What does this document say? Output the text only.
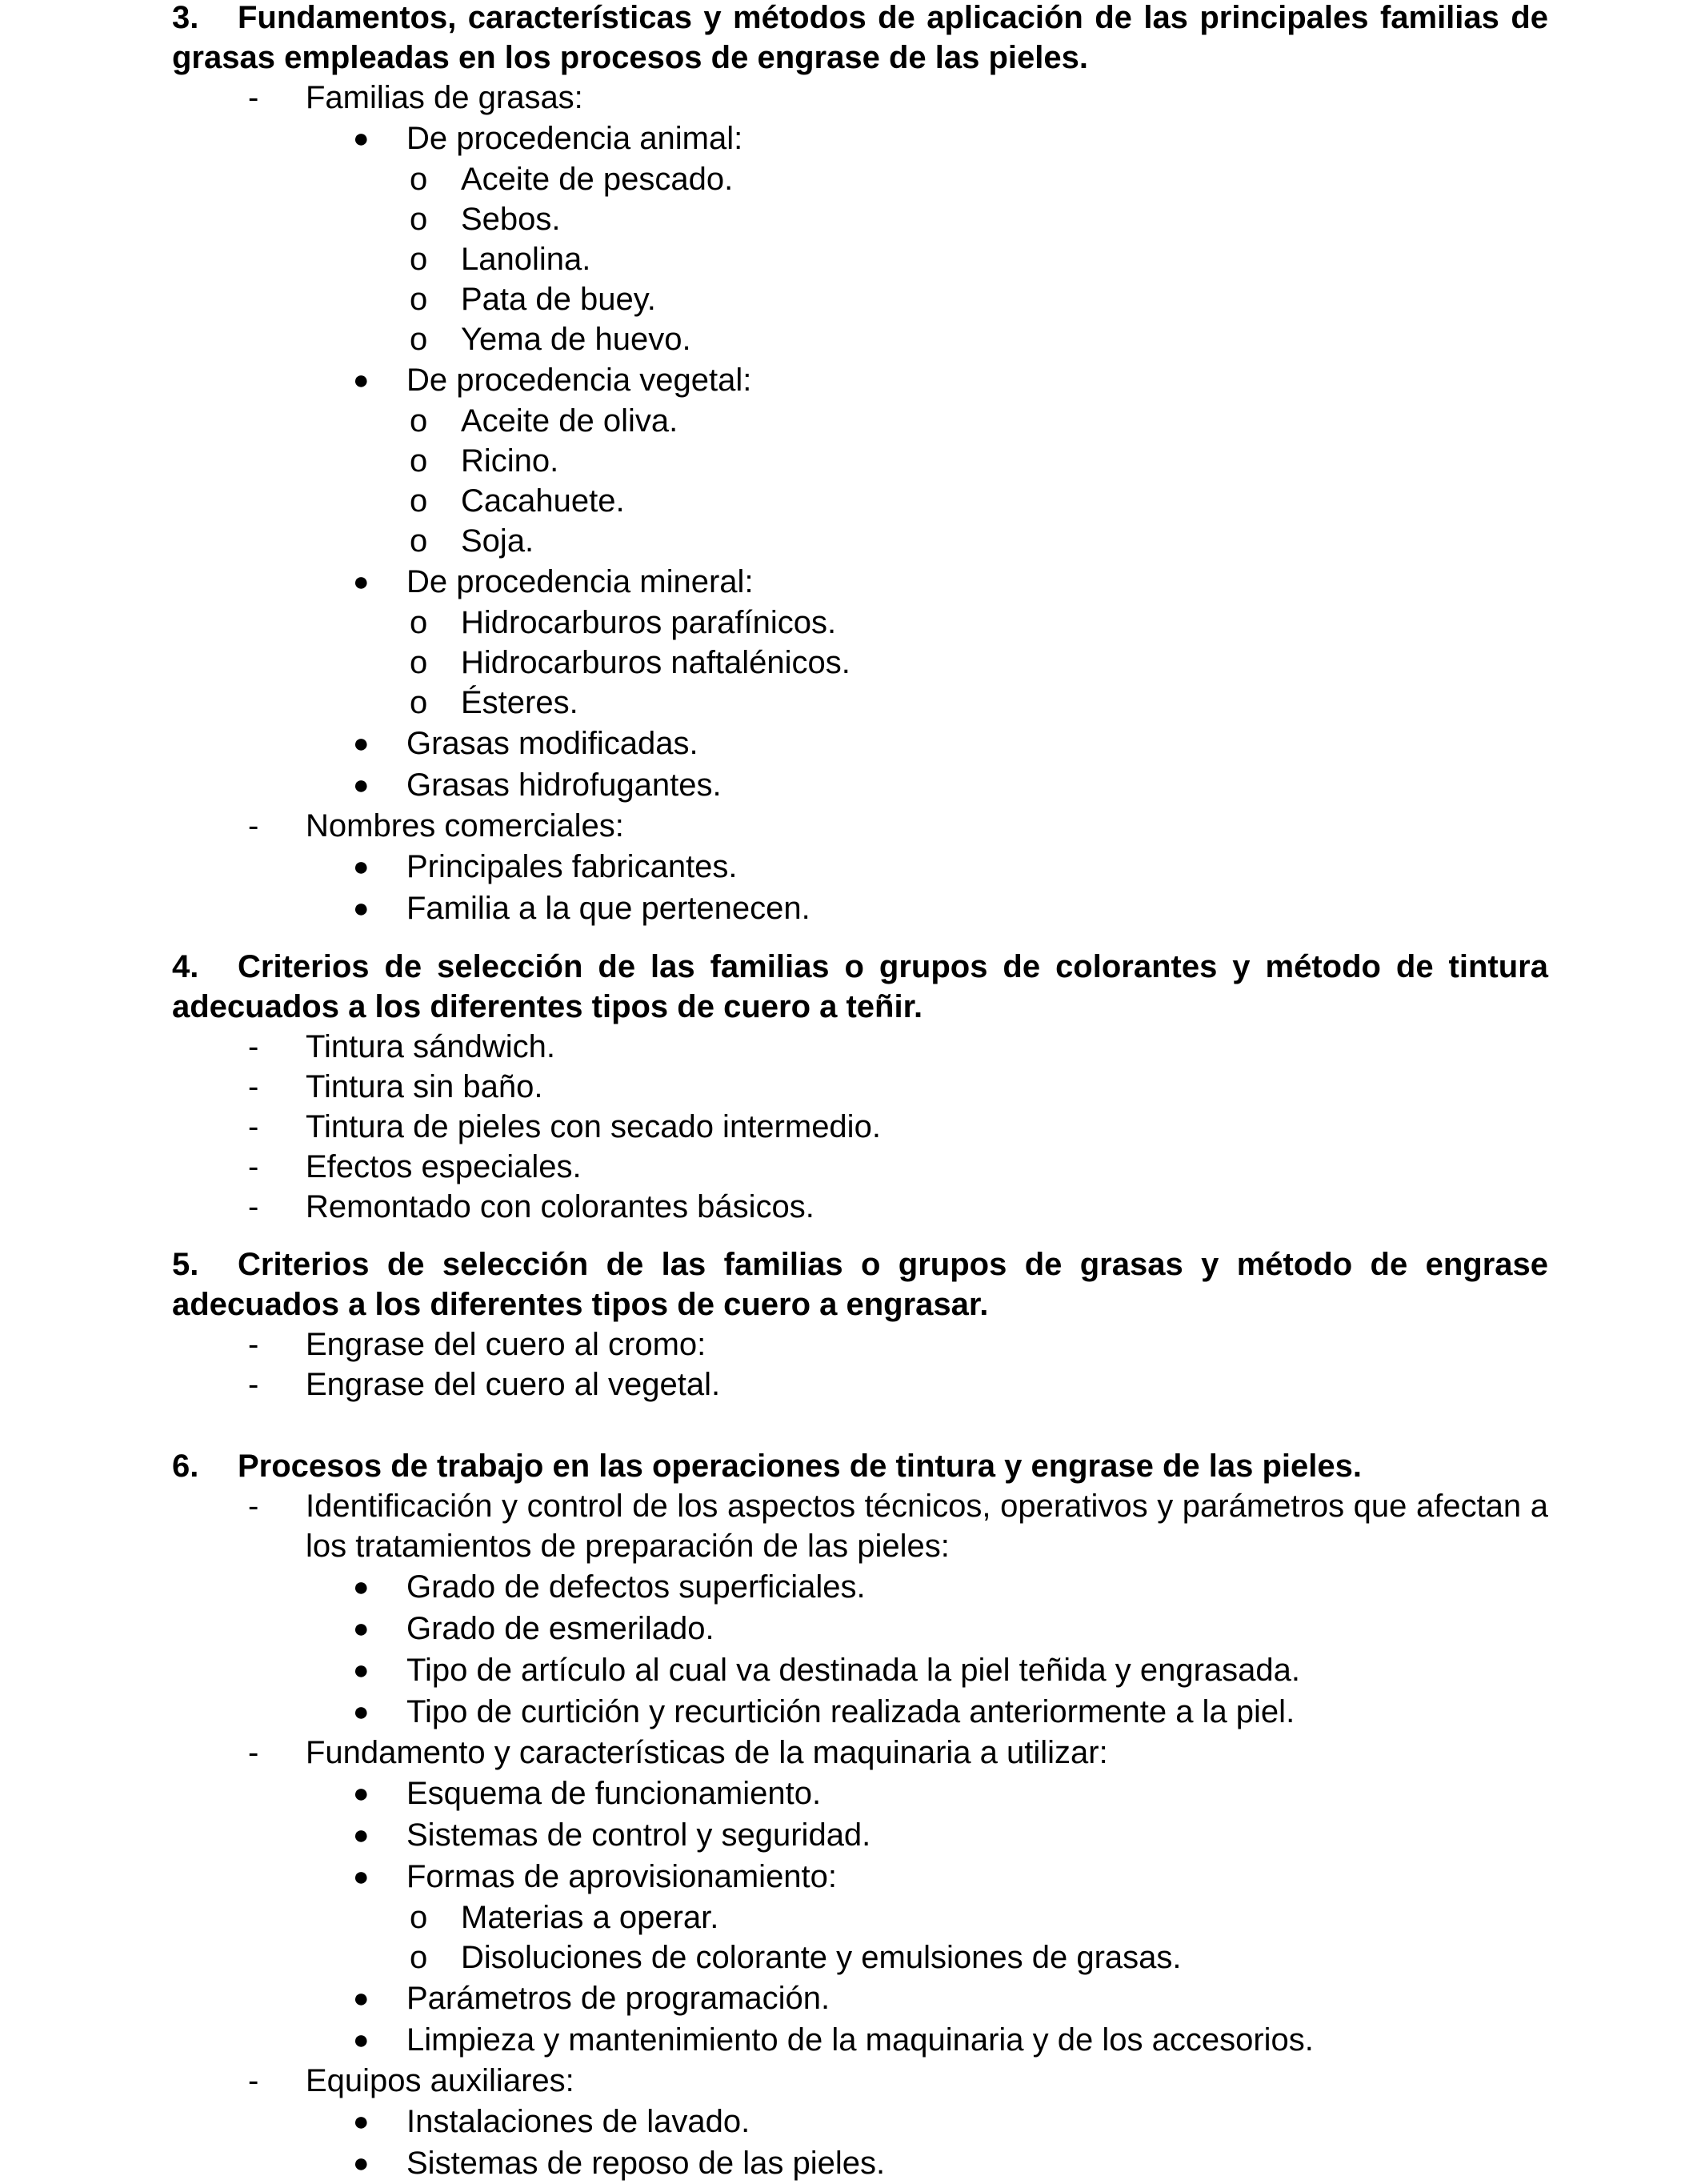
3. Fundamentos, características y métodos de aplicación de las principales familias de grasas empleadas en los procesos de engrase de las pieles.

- Familias de grasas:

● De procedencia animal:

o Aceite de pescado.

o Sebos.

o Lanolina.

o Pata de buey.

o Yema de huevo.

● De procedencia vegetal:

o Aceite de oliva.

o Ricino.

o Cacahuete.

o Soja.

● De procedencia mineral:

o Hidrocarburos parafínicos.

o Hidrocarburos naftalénicos.

o Ésteres.

● Grasas modificadas.

● Grasas hidrofugantes.

- Nombres comerciales:

● Principales fabricantes.

● Familia a la que pertenecen.

4. Criterios de selección de las familias o grupos de colorantes y método de tintura adecuados a los diferentes tipos de cuero a teñir.

- Tintura sándwich.

- Tintura sin baño.

- Tintura de pieles con secado intermedio.

- Efectos especiales.

- Remontado con colorantes básicos.

5. Criterios de selección de las familias o grupos de grasas y método de engrase adecuados a los diferentes tipos de cuero a engrasar.

- Engrase del cuero al cromo:

- Engrase del cuero al vegetal.

6. Procesos de trabajo en las operaciones de tintura y engrase de las pieles.

- Identificación y control de los aspectos técnicos, operativos y parámetros que afectan a los tratamientos de preparación de las pieles:

● Grado de defectos superficiales.

● Grado de esmerilado.

● Tipo de artículo al cual va destinada la piel teñida y engrasada.

● Tipo de curtición y recurtición realizada anteriormente a la piel.

- Fundamento y características de la maquinaria a utilizar:

● Esquema de funcionamiento.

● Sistemas de control y seguridad.

● Formas de aprovisionamiento:

o Materias a operar.

o Disoluciones de colorante y emulsiones de grasas.

● Parámetros de programación.

● Limpieza y mantenimiento de la maquinaria y de los accesorios.

- Equipos auxiliares:

● Instalaciones de lavado.

● Sistemas de reposo de las pieles.
